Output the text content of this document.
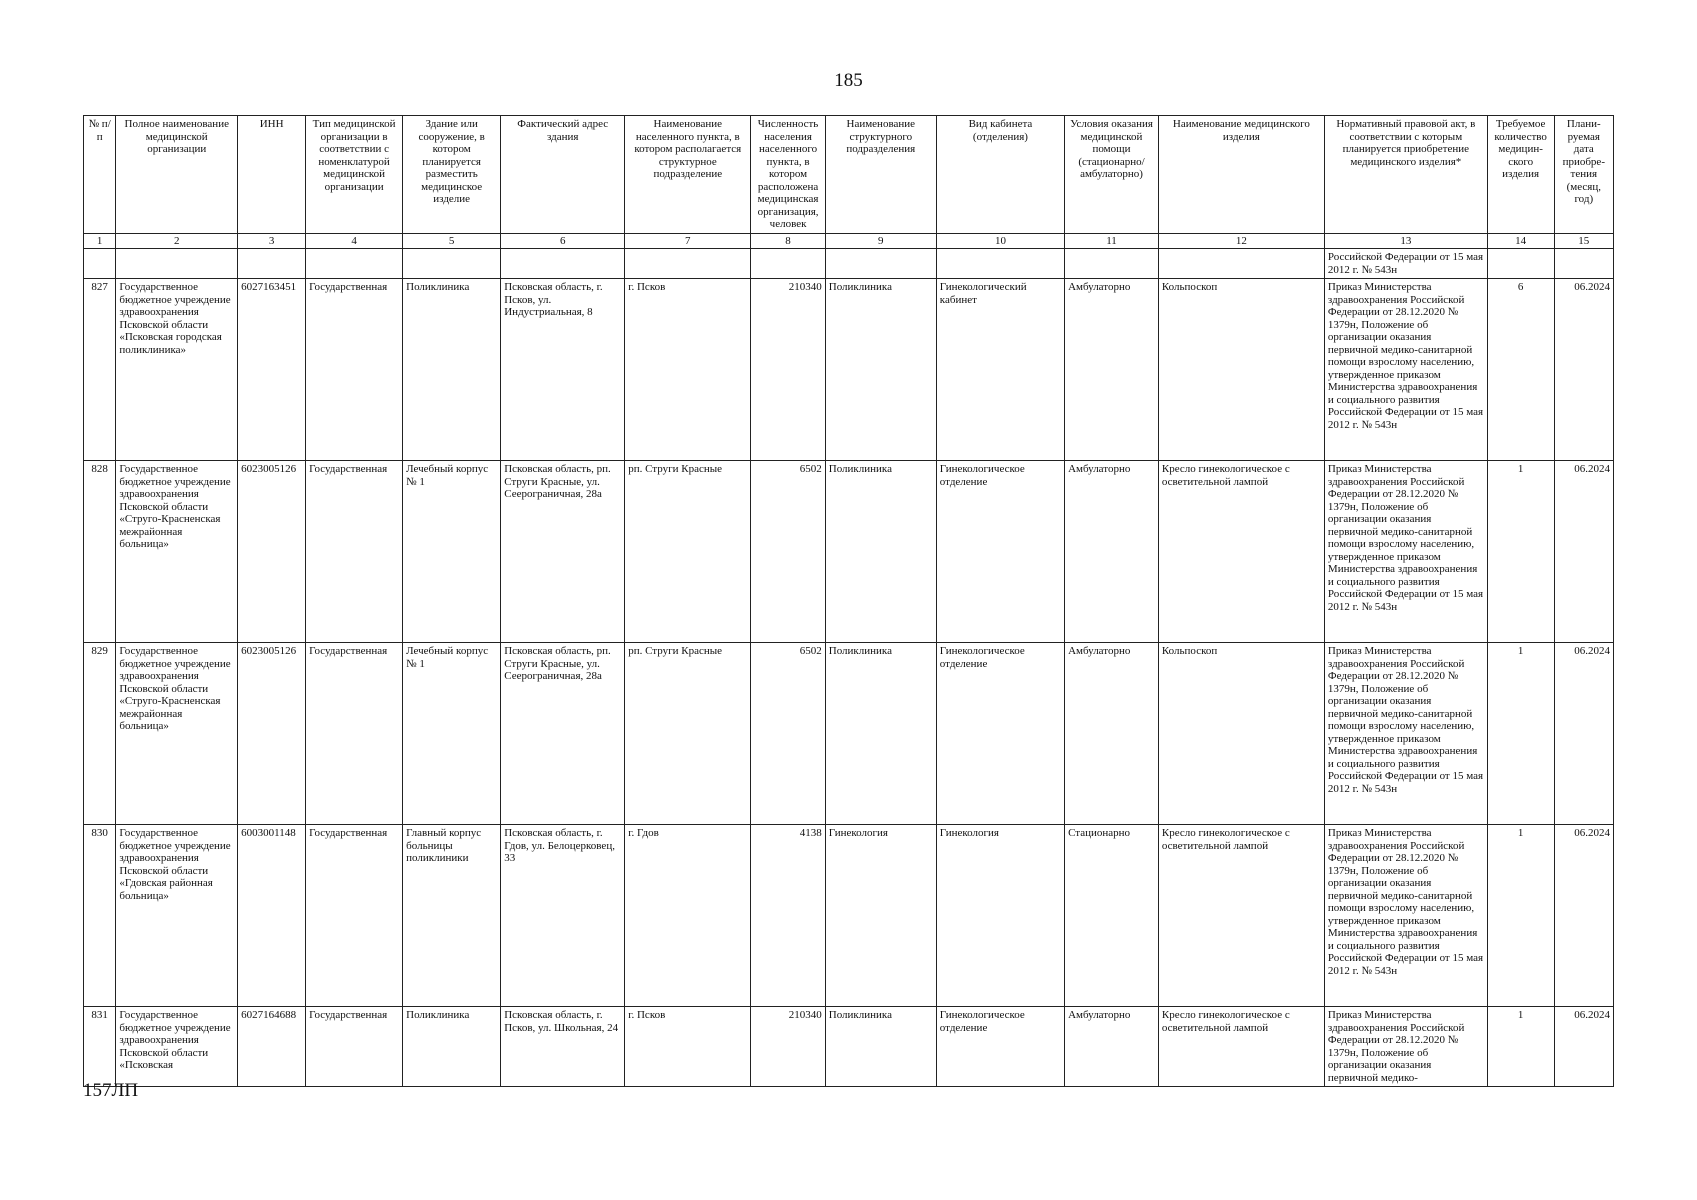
185
№ п/п	Полное наименование медицинской организации	ИНН	Тип медицинской организации в соответствии с номенклатурой медицинской организации	Здание или сооружение, в котором планируется разместить медицинское изделие	Фактический адрес здания	Наименование населенного пункта, в котором располагается структурное подразделение	Численность населения населенного пункта, в котором расположена медицинская организация, человек	Наименование структурного подразделения	Вид кабинета (отделения)	Условия оказания медицинской помощи (стационарно/ амбулаторно)	Наименование медицинского изделия	Нормативный правовой акт, в соответствии с которым планируется приобретение медицинского изделия*	Требуемое количество медицин-ского изделия	Плани-руемая дата приобре-тения (месяц, год)
1	2	3	4	5	6	7	8	9	10	11	12	13	14	15
												Российской Федерации от 15 мая 2012 г. № 543н		
827	Государственное бюджетное учреждение здравоохранения Псковской области «Псковская городская поликлиника»	6027163451	Государственная	Поликлиника	Псковская область, г. Псков, ул. Индустриальная, 8	г. Псков	210340	Поликлиника	Гинекологический кабинет	Амбулаторно	Кольпоскоп	Приказ Министерства здравоохранения Российской Федерации от 28.12.2020 № 1379н, Положение об организации оказания первичной медико-санитарной помощи взрослому населению, утвержденное приказом Министерства здравоохранения и социального развития Российской Федерации от 15 мая 2012 г. № 543н	6	06.2024
828	Государственное бюджетное учреждение здравоохранения Псковской области «Струго-Красненская межрайонная больница»	6023005126	Государственная	Лечебный корпус № 1	Псковская область, рп. Струги Красные, ул. Сеерограничная, 28а	рп. Струги Красные	6502	Поликлиника	Гинекологическое отделение	Амбулаторно	Кресло гинекологическое с осветительной лампой	Приказ Министерства здравоохранения Российской Федерации от 28.12.2020 № 1379н, Положение об организации оказания первичной медико-санитарной помощи взрослому населению, утвержденное приказом Министерства здравоохранения и социального развития Российской Федерации от 15 мая 2012 г. № 543н	1	06.2024
829	Государственное бюджетное учреждение здравоохранения Псковской области «Струго-Красненская межрайонная больница»	6023005126	Государственная	Лечебный корпус № 1	Псковская область, рп. Струги Красные, ул. Сеерограничная, 28а	рп. Струги Красные	6502	Поликлиника	Гинекологическое отделение	Амбулаторно	Кольпоскоп	Приказ Министерства здравоохранения Российской Федерации от 28.12.2020 № 1379н, Положение об организации оказания первичной медико-санитарной помощи взрослому населению, утвержденное приказом Министерства здравоохранения и социального развития Российской Федерации от 15 мая 2012 г. № 543н	1	06.2024
830	Государственное бюджетное учреждение здравоохранения Псковской области «Гдовская районная больница»	6003001148	Государственная	Главный корпус больницы поликлиники	Псковская область, г. Гдов, ул. Белоцерковец, 33	г. Гдов	4138	Гинекология	Гинекология	Стационарно	Кресло гинекологическое с осветительной лампой	Приказ Министерства здравоохранения Российской Федерации от 28.12.2020 № 1379н, Положение об организации оказания первичной медико-санитарной помощи взрослому населению, утвержденное приказом Министерства здравоохранения и социального развития Российской Федерации от 15 мая 2012 г. № 543н	1	06.2024
831	Государственное бюджетное учреждение здравоохранения Псковской области «Псковская	6027164688	Государственная	Поликлиника	Псковская область, г. Псков, ул. Школьная, 24	г. Псков	210340	Поликлиника	Гинекологическое отделение	Амбулаторно	Кресло гинекологическое с осветительной лампой	Приказ Министерства здравоохранения Российской Федерации от 28.12.2020 № 1379н, Положение об организации оказания первичной медико-	1	06.2024
157ЛП
